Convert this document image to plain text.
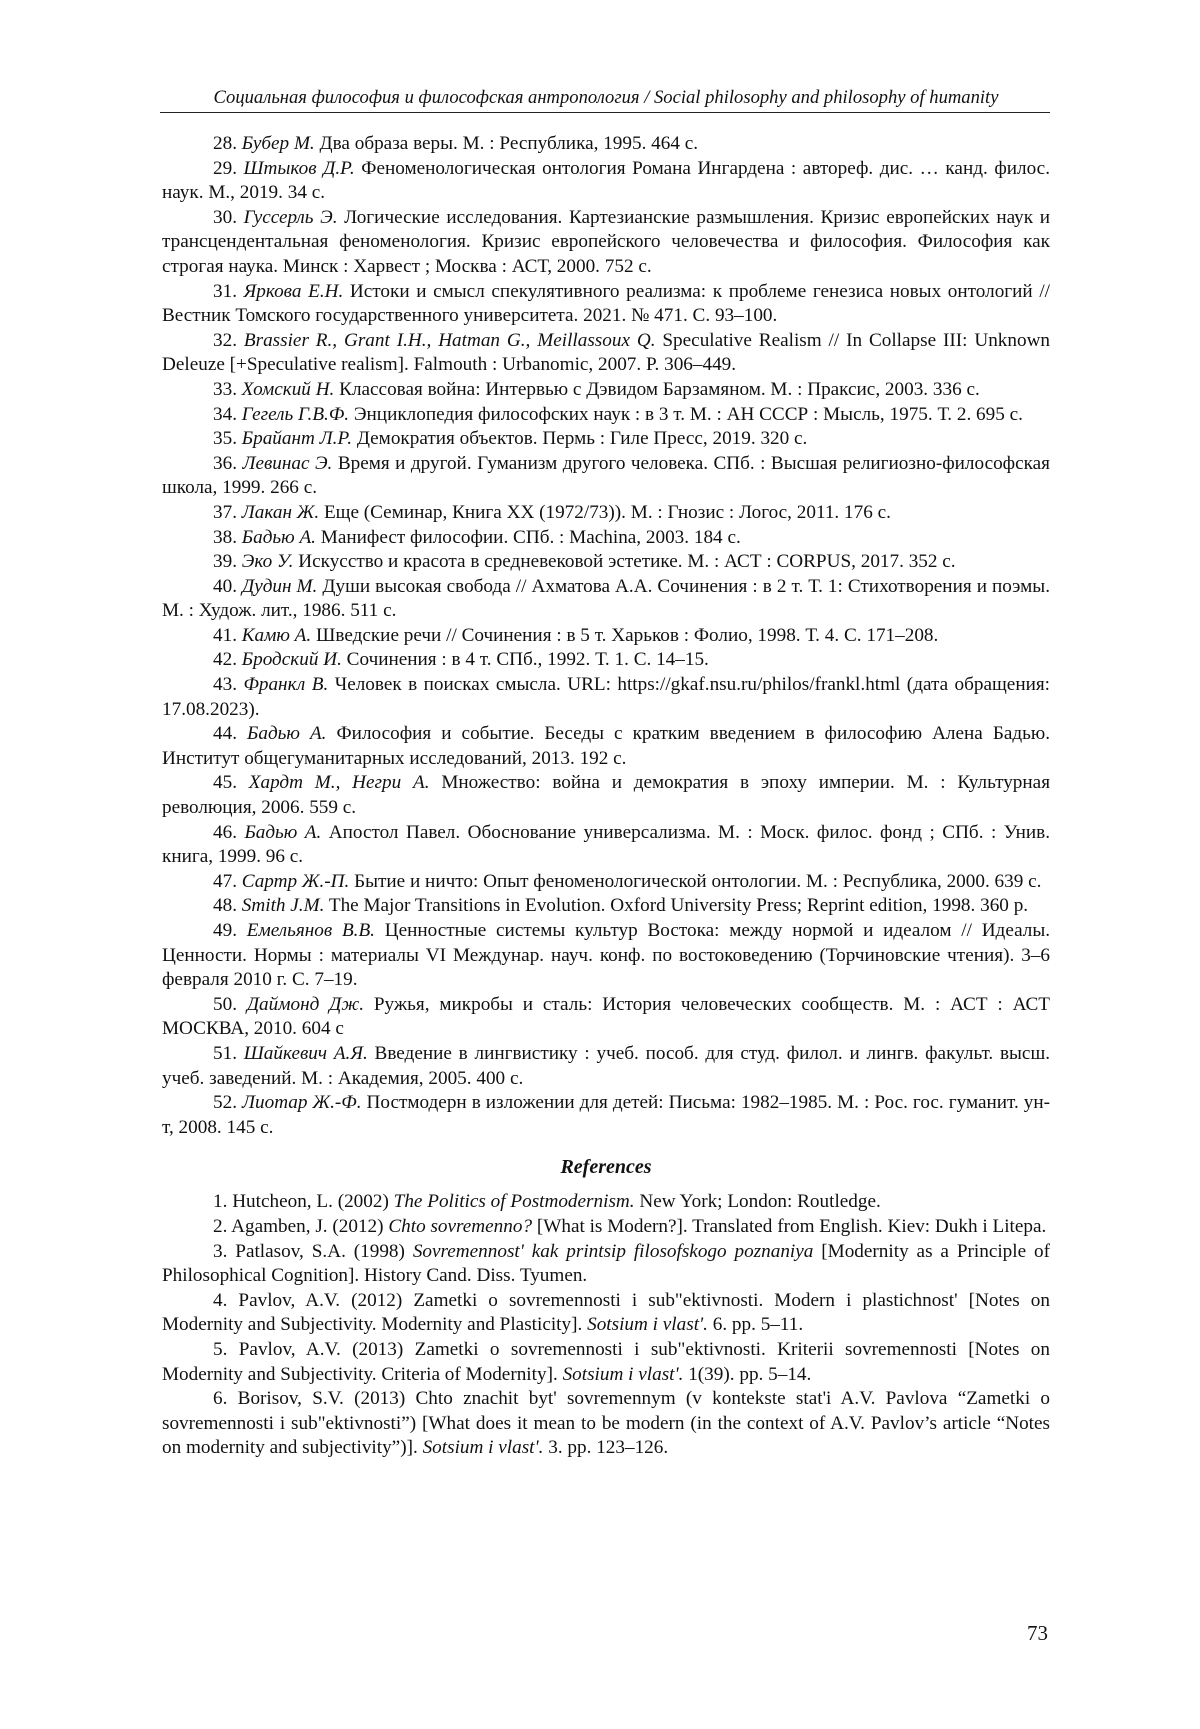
Социальная философия и философская антропология / Social philosophy and philosophy of humanity

28. Бубер М. Два образа веры. М. : Республика, 1995. 464 с.

29. Штыков Д.Р. Феноменологическая онтология Романа Ингардена : автореф. дис. … канд. филос. наук. М., 2019. 34 с.

30. Гуссерль Э. Логические исследования. Картезианские размышления. Кризис европейских наук и трансцендентальная феноменология. Кризис европейского человечества и философия. Философия как строгая наука. Минск : Харвест ; Москва : АСТ, 2000. 752 с.

31. Яркова Е.Н. Истоки и смысл спекулятивного реализма: к проблеме генезиса новых онтологий // Вестник Томского государственного университета. 2021. № 471. С. 93–100.

32. Brassier R., Grant I.H., Hatman G., Meillassoux Q. Speculative Realism // In Collapse III: Unknown Deleuze [+Speculative realism]. Falmouth : Urbanomic, 2007. P. 306–449.

33. Хомский Н. Классовая война: Интервью с Дэвидом Барзамяном. М. : Праксис, 2003. 336 с.

34. Гегель Г.В.Ф. Энциклопедия философских наук : в 3 т. М. : АН СССР : Мысль, 1975. Т. 2. 695 с.

35. Брайант Л.Р. Демократия объектов. Пермь : Гиле Пресс, 2019. 320 с.

36. Левинас Э. Время и другой. Гуманизм другого человека. СПб. : Высшая религиозно-философская школа, 1999. 266 с.

37. Лакан Ж. Еще (Семинар, Книга XX (1972/73)). М. : Гнозис : Логос, 2011. 176 с.

38. Бадью А. Манифест философии. СПб. : Machina, 2003. 184 с.

39. Эко У. Искусство и красота в средневековой эстетике. М. : АСТ : CORPUS, 2017. 352 с.

40. Дудин М. Души высокая свобода // Ахматова А.А. Сочинения : в 2 т. Т. 1: Стихотворения и поэмы. М. : Худож. лит., 1986. 511 с.

41. Камю А. Шведские речи // Сочинения : в 5 т. Харьков : Фолио, 1998. Т. 4. С. 171–208.

42. Бродский И. Сочинения : в 4 т. СПб., 1992. Т. 1. С. 14–15.

43. Франкл В. Человек в поисках смысла. URL: https://gkaf.nsu.ru/philos/frankl.html (дата обращения: 17.08.2023).

44. Бадью А. Философия и событие. Беседы с кратким введением в философию Алена Бадью. Институт общегуманитарных исследований, 2013. 192 с.

45. Хардт М., Негри А. Множество: война и демократия в эпоху империи. М. : Культурная революция, 2006. 559 с.

46. Бадью А. Апостол Павел. Обоснование универсализма. М. : Моск. филос. фонд ; СПб. : Унив. книга, 1999. 96 с.

47. Сартр Ж.-П. Бытие и ничто: Опыт феноменологической онтологии. М. : Республика, 2000. 639 с.

48. Smith J.M. The Major Transitions in Evolution. Oxford University Press; Reprint edition, 1998. 360 p.

49. Емельянов В.В. Ценностные системы культур Востока: между нормой и идеалом // Идеалы. Ценности. Нормы : материалы VI Междунар. науч. конф. по востоковедению (Торчиновские чтения). 3–6 февраля 2010 г. С. 7–19.

50. Даймонд Дж. Ружья, микробы и сталь: История человеческих сообществ. М. : АСТ : АСТ МОСКВА, 2010. 604 с

51. Шайкевич А.Я. Введение в лингвистику : учеб. пособ. для студ. филол. и лингв. факульт. высш. учеб. заведений. М. : Академия, 2005. 400 с.

52. Лиотар Ж.-Ф. Постмодерн в изложении для детей: Письма: 1982–1985. М. : Рос. гос. гуманит. ун-т, 2008. 145 с.

References

1. Hutcheon, L. (2002) The Politics of Postmodernism. New York; London: Routledge.

2. Agamben, J. (2012) Chto sovremenno? [What is Modern?]. Translated from English. Kiev: Dukh i Litepa.

3. Patlasov, S.A. (1998) Sovremennost' kak printsip filosofskogo poznaniya [Modernity as a Principle of Philosophical Cognition]. History Cand. Diss. Tyumen.

4. Pavlov, A.V. (2012) Zametki o sovremennosti i sub"ektivnosti. Modern i plastichnost' [Notes on Modernity and Subjectivity. Modernity and Plasticity]. Sotsium i vlast'. 6. pp. 5–11.

5. Pavlov, A.V. (2013) Zametki o sovremennosti i sub"ektivnosti. Kriterii sovremennosti [Notes on Modernity and Subjectivity. Criteria of Modernity]. Sotsium i vlast'. 1(39). pp. 5–14.

6. Borisov, S.V. (2013) Chto znachit byt' sovremennym (v kontekste stat'i A.V. Pavlova “Zametki o sovremennosti i sub"ektivnosti”) [What does it mean to be modern (in the context of A.V. Pavlov’s article “Notes on modernity and subjectivity”)]. Sotsium i vlast'. 3. pp. 123–126.

73
